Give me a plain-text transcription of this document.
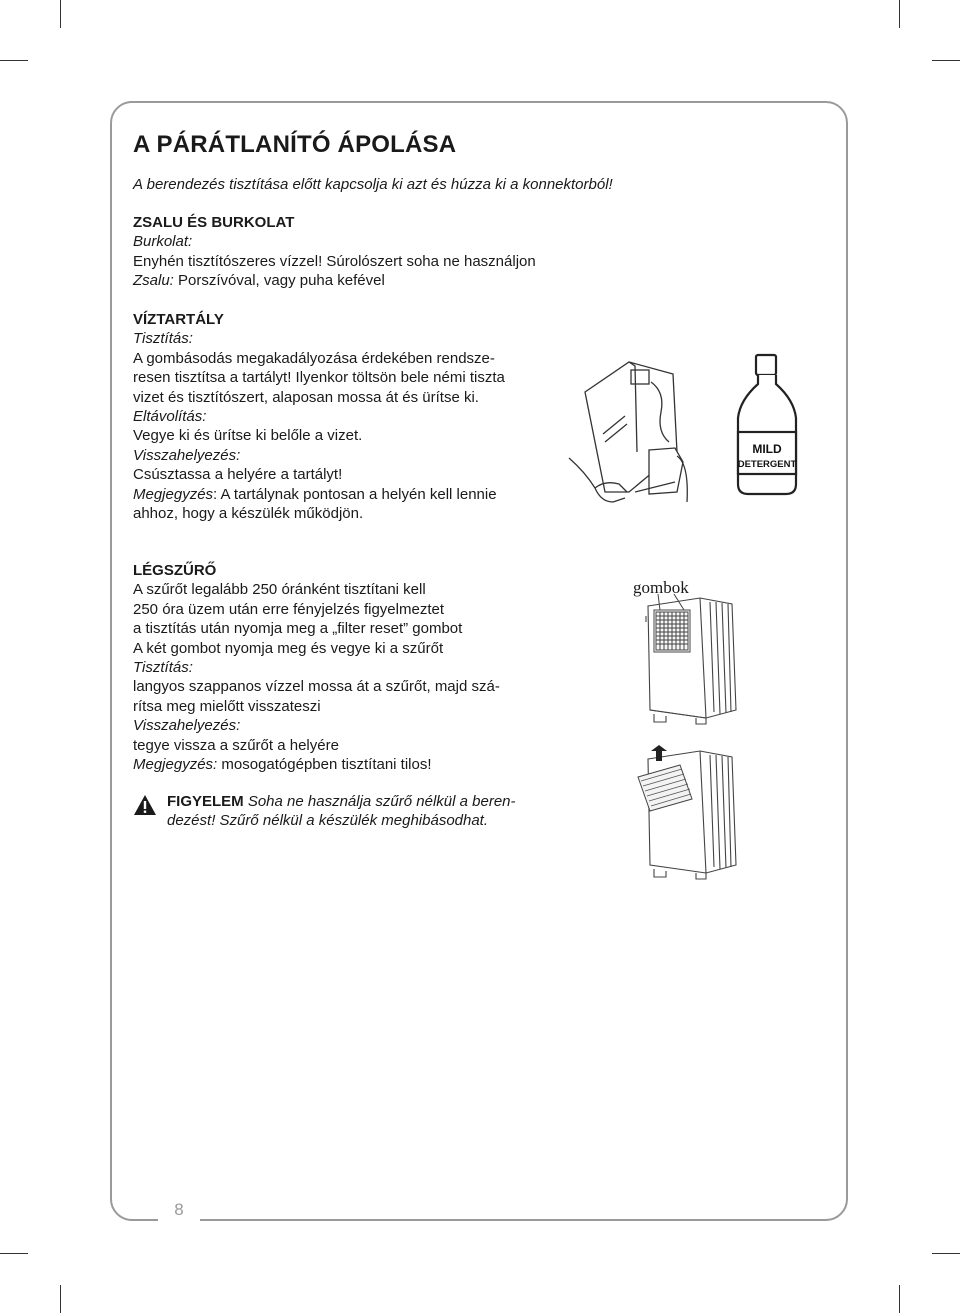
8
A PÁRÁTLANÍTÓ ÁPOLÁSA
A berendezés tisztítása előtt kapcsolja ki azt és húzza ki a konnektorból!
ZSALU ÉS BURKOLAT
Burkolat:
Enyhén tisztítószeres vízzel! Súrolószert soha ne használjon
Zsalu: Porszívóval, vagy puha kefével
VÍZTARTÁLY
Tisztítás:
A gombásodás megakadályozása érdekében rendsze-
resen tisztítsa a tartályt! Ilyenkor töltsön bele némi tiszta
vizet és tisztítószert, alaposan mossa át és ürítse ki.
Eltávolítás:
Vegye ki és ürítse ki belőle a vizet.
Visszahelyezés:
Csúsztassa a helyére a tartályt!
Megjegyzés: A tartálynak pontosan a helyén kell lennie
ahhoz, hogy a készülék működjön.
MILD
DETERGENT
LÉGSZŰRŐ
A szűrőt legalább 250 óránként tisztítani kell
250 óra üzem után erre fényjelzés figyelmeztet
a tisztítás után nyomja meg a „filter reset” gombot
A két gombot nyomja meg és vegye ki a szűrőt
Tisztítás:
langyos szappanos vízzel mossa át a szűrőt, majd szá-
rítsa meg mielőtt visszateszi
Visszahelyezés:
tegye vissza a szűrőt a helyére
Megjegyzés: mosogatógépben tisztítani tilos!
gombok
FIGYELEM Soha ne használja szűrő nélkül a beren-
dezést! Szűrő nélkül a készülék meghibásodhat.
